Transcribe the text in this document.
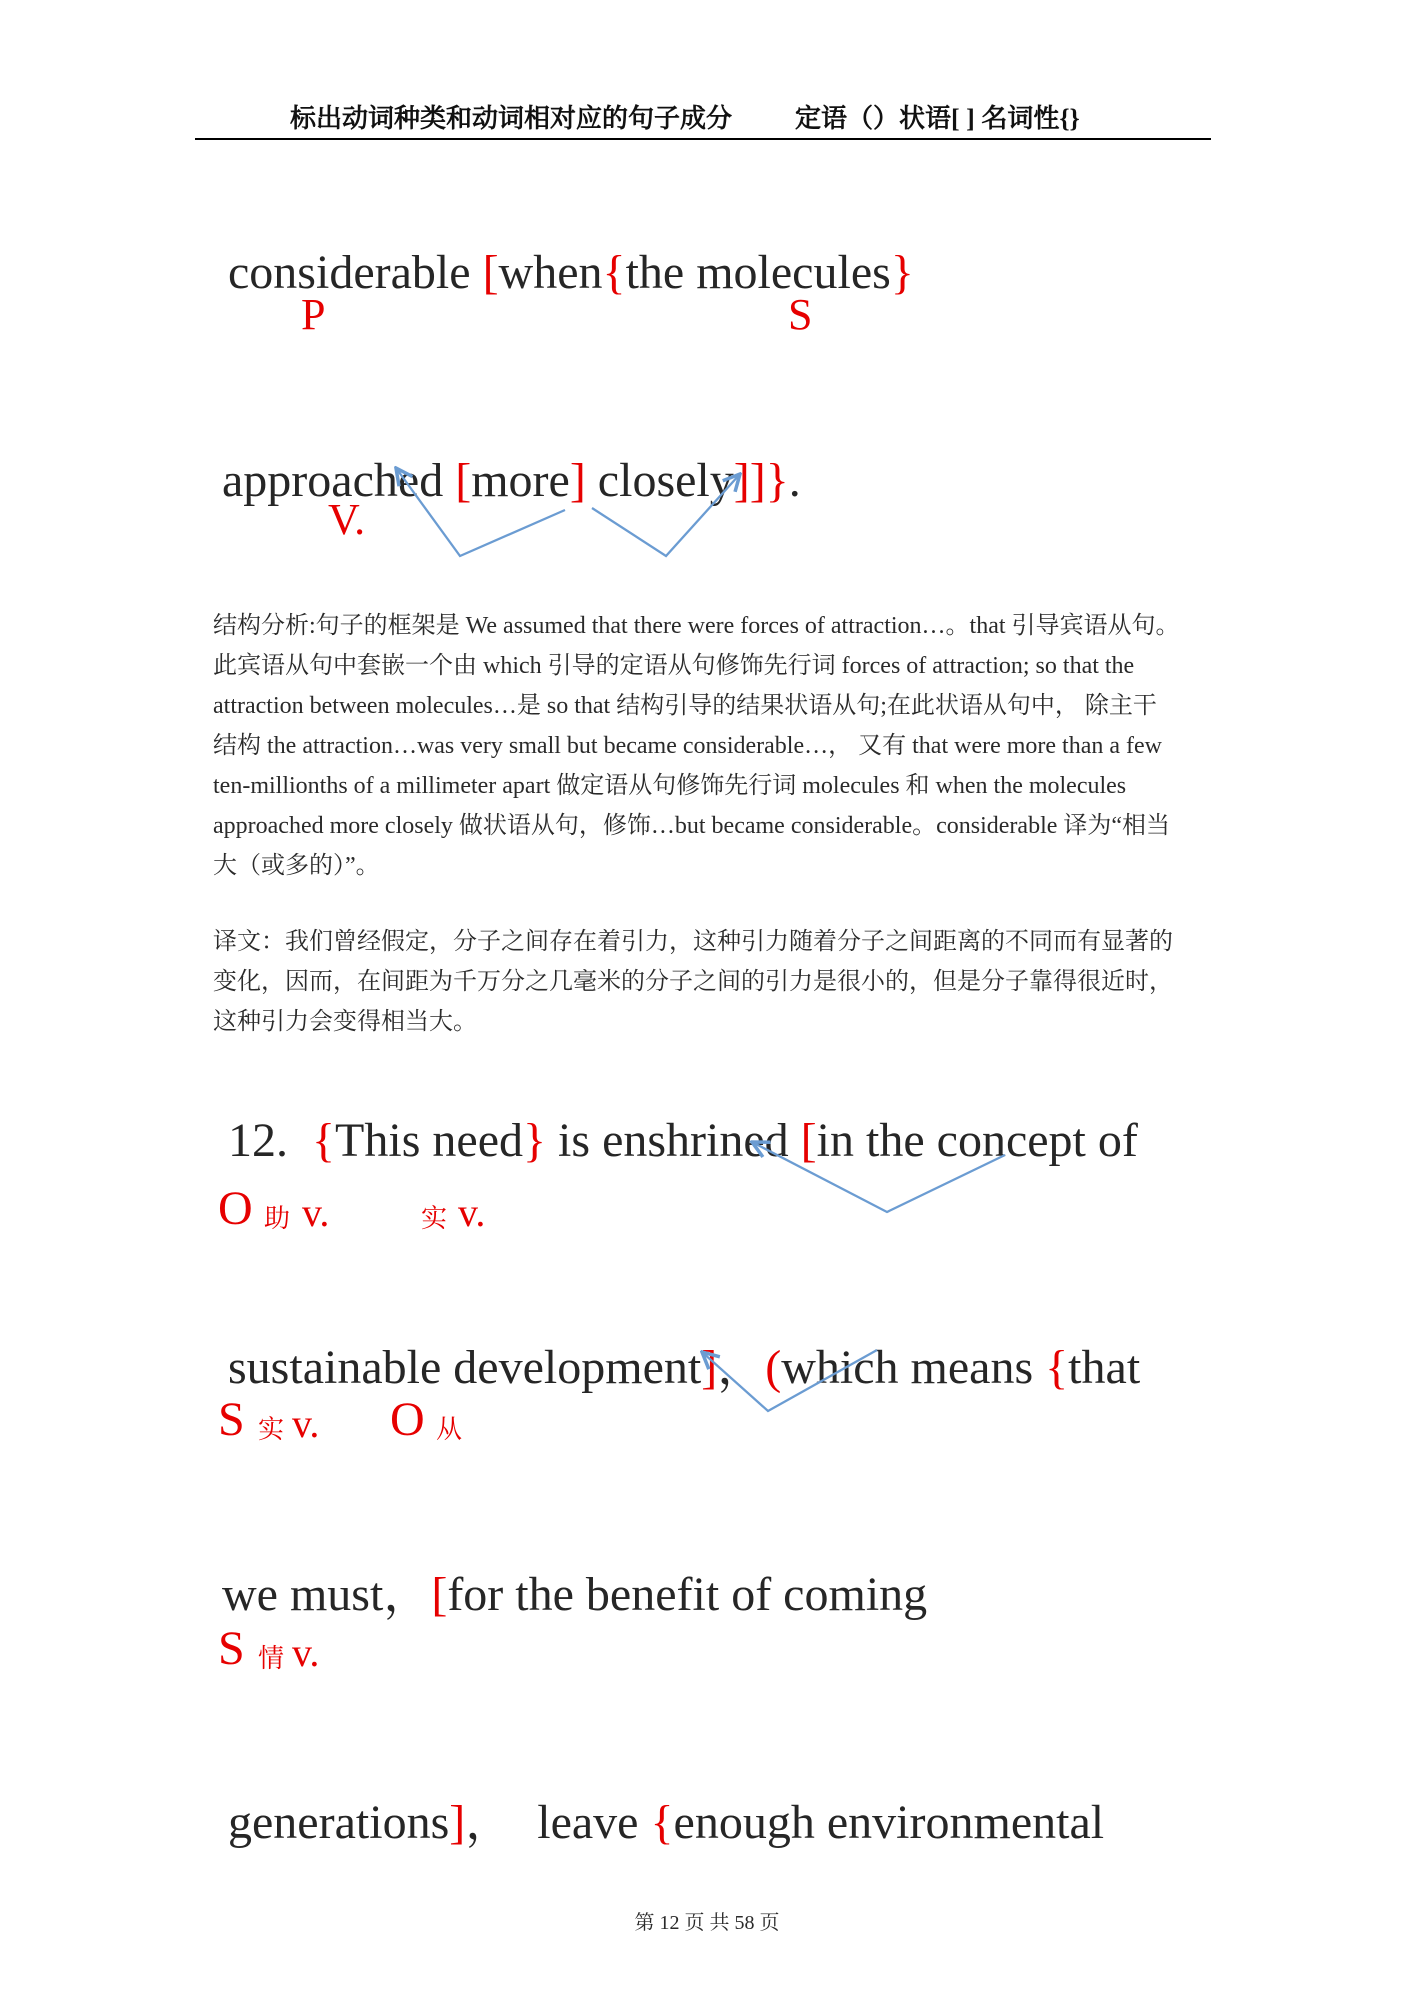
标出动词种类和动词相对应的句子成分 定语（）状语[ ] 名词性{}

considerable [when{the molecules}

P	S

approached [more] closely]]}.

V.
结构分析:句子的框架是 We assumed that there were forces of attraction…。that 引导宾语从句。
此宾语从句中套嵌一个由 which 引导的定语从句修饰先行词 forces of attraction; so that the
attraction between molecules…是 so that 结构引导的结果状语从句;在此状语从句中， 除主干
结构 the attraction…was very small but became considerable…， 又有 that were more than a few
ten-millionths of a millimeter apart 做定语从句修饰先行词 molecules 和 when the molecules
approached more closely 做状语从句，修饰…but became considerable。considerable 译为“相当
大（或多的）”。
译文：我们曾经假定，分子之间存在着引力，这种引力随着分子之间距离的不同而有显著的
变化，因而，在间距为千万分之几毫米的分子之间的引力是很小的，但是分子靠得很近时，
这种引力会变得相当大。

12.  {This need} is enshrined [in the concept of

O 助 v.	实 v.

sustainable development]，(which means {that

S 实 v. O 从

we must，[for the benefit of coming

S 情 v.

generations]，  leave {enough environmental

第 12 页 共 58 页
